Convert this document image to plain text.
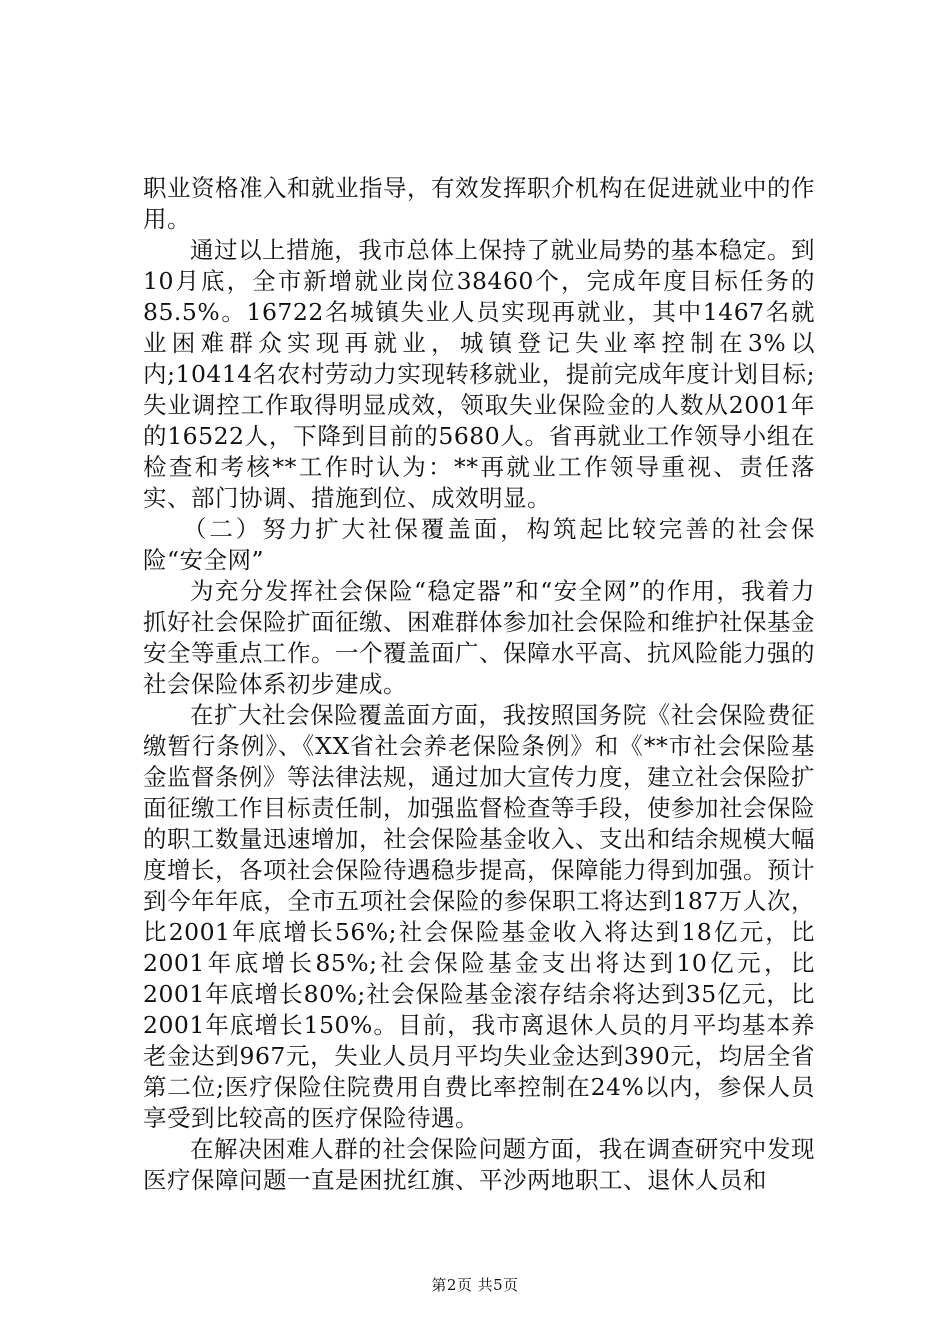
职业资格准入和就业指导，有效发挥职介机构在促进就业中的作用。

通过以上措施，我市总体上保持了就业局势的基本稳定。到10月底，全市新增就业岗位38460个，完成年度目标任务的85.5%。16722名城镇失业人员实现再就业，其中1467名就业困难群众实现再就业，城镇登记失业率控制在3%以内;10414名农村劳动力实现转移就业，提前完成年度计划目标;失业调控工作取得明显成效，领取失业保险金的人数从2001年的16522人，下降到目前的5680人。省再就业工作领导小组在检查和考核**工作时认为：**再就业工作领导重视、责任落实、部门协调、措施到位、成效明显。

（二）努力扩大社保覆盖面，构筑起比较完善的社会保险“安全网”

为充分发挥社会保险“稳定器”和“安全网”的作用，我着力抓好社会保险扩面征缴、困难群体参加社会保险和维护社保基金安全等重点工作。一个覆盖面广、保障水平高、抗风险能力强的社会保险体系初步建成。

在扩大社会保险覆盖面方面，我按照国务院《社会保险费征缴暂行条例》、《XX省社会养老保险条例》和《**市社会保险基金监督条例》等法律法规，通过加大宣传力度，建立社会保险扩面征缴工作目标责任制，加强监督检查等手段，使参加社会保险的职工数量迅速增加，社会保险基金收入、支出和结余规模大幅度增长，各项社会保险待遇稳步提高，保障能力得到加强。预计到今年年底，全市五项社会保险的参保职工将达到187万人次，比2001年底增长56%;社会保险基金收入将达到18亿元，比2001年底增长85%;社会保险基金支出将达到10亿元，比2001年底增长80%;社会保险基金滚存结余将达到35亿元，比2001年底增长150%。目前，我市离退休人员的月平均基本养老金达到967元，失业人员月平均失业金达到390元，均居全省第二位;医疗保险住院费用自费比率控制在24%以内，参保人员享受到比较高的医疗保险待遇。

在解决困难人群的社会保险问题方面，我在调查研究中发现医疗保障问题一直是困扰红旗、平沙两地职工、退休人员和

第2页 共5页
